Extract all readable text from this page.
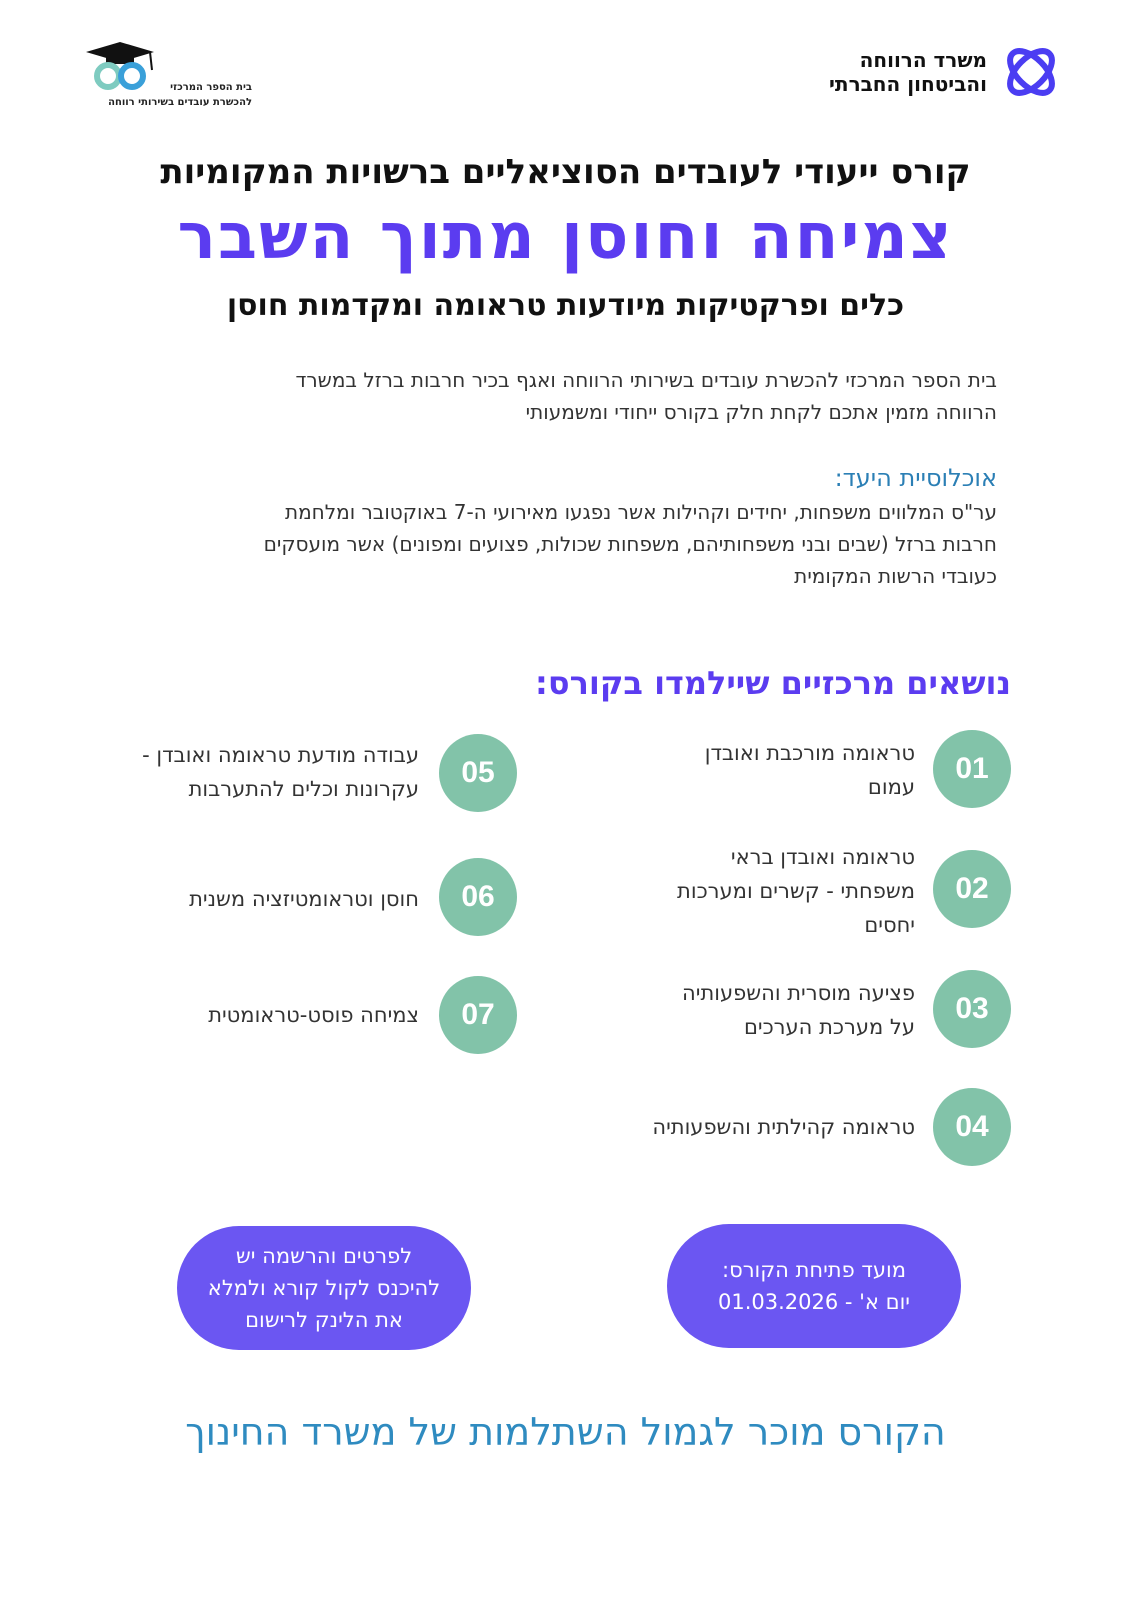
משרד הרווחה
והביטחון החברתי
בית הספר המרכזי
להכשרת עובדים בשירותי רווחה
קורס ייעודי לעובדים הסוציאליים ברשויות המקומיות
צמיחה וחוסן מתוך השבר
כלים ופרקטיקות מיודעות טראומה ומקדמות חוסן
בית הספר המרכזי להכשרת עובדים בשירותי הרווחה ואגף בכיר חרבות ברזל במשרד
הרווחה מזמין אתכם לקחת חלק בקורס ייחודי ומשמעותי
אוכלוסיית היעד:
ער"ס המלווים משפחות, יחידים וקהילות אשר נפגעו מאירועי ה-7 באוקטובר ומלחמת
חרבות ברזל (שבים ובני משפחותיהם, משפחות שכולות, פצועים ומפונים) אשר מועסקים
כעובדי הרשות המקומית
נושאים מרכזיים שיילמדו בקורס:
01
טראומה מורכבת ואובדן
עמום
02
טראומה ואובדן בראי
משפחתי - קשרים ומערכות
יחסים
03
פציעה מוסרית והשפעותיה
על מערכת הערכים
04
טראומה קהילתית והשפעותיה
05
עבודה מודעת טראומה ואובדן -
עקרונות וכלים להתערבות
06
חוסן וטראומטיזציה משנית
07
צמיחה פוסט-טראומטית
מועד פתיחת הקורס:
יום א' - 01.03.2026
לפרטים והרשמה יש
להיכנס לקול קורא ולמלא
את הלינק לרישום
הקורס מוכר לגמול השתלמות של משרד החינוך
